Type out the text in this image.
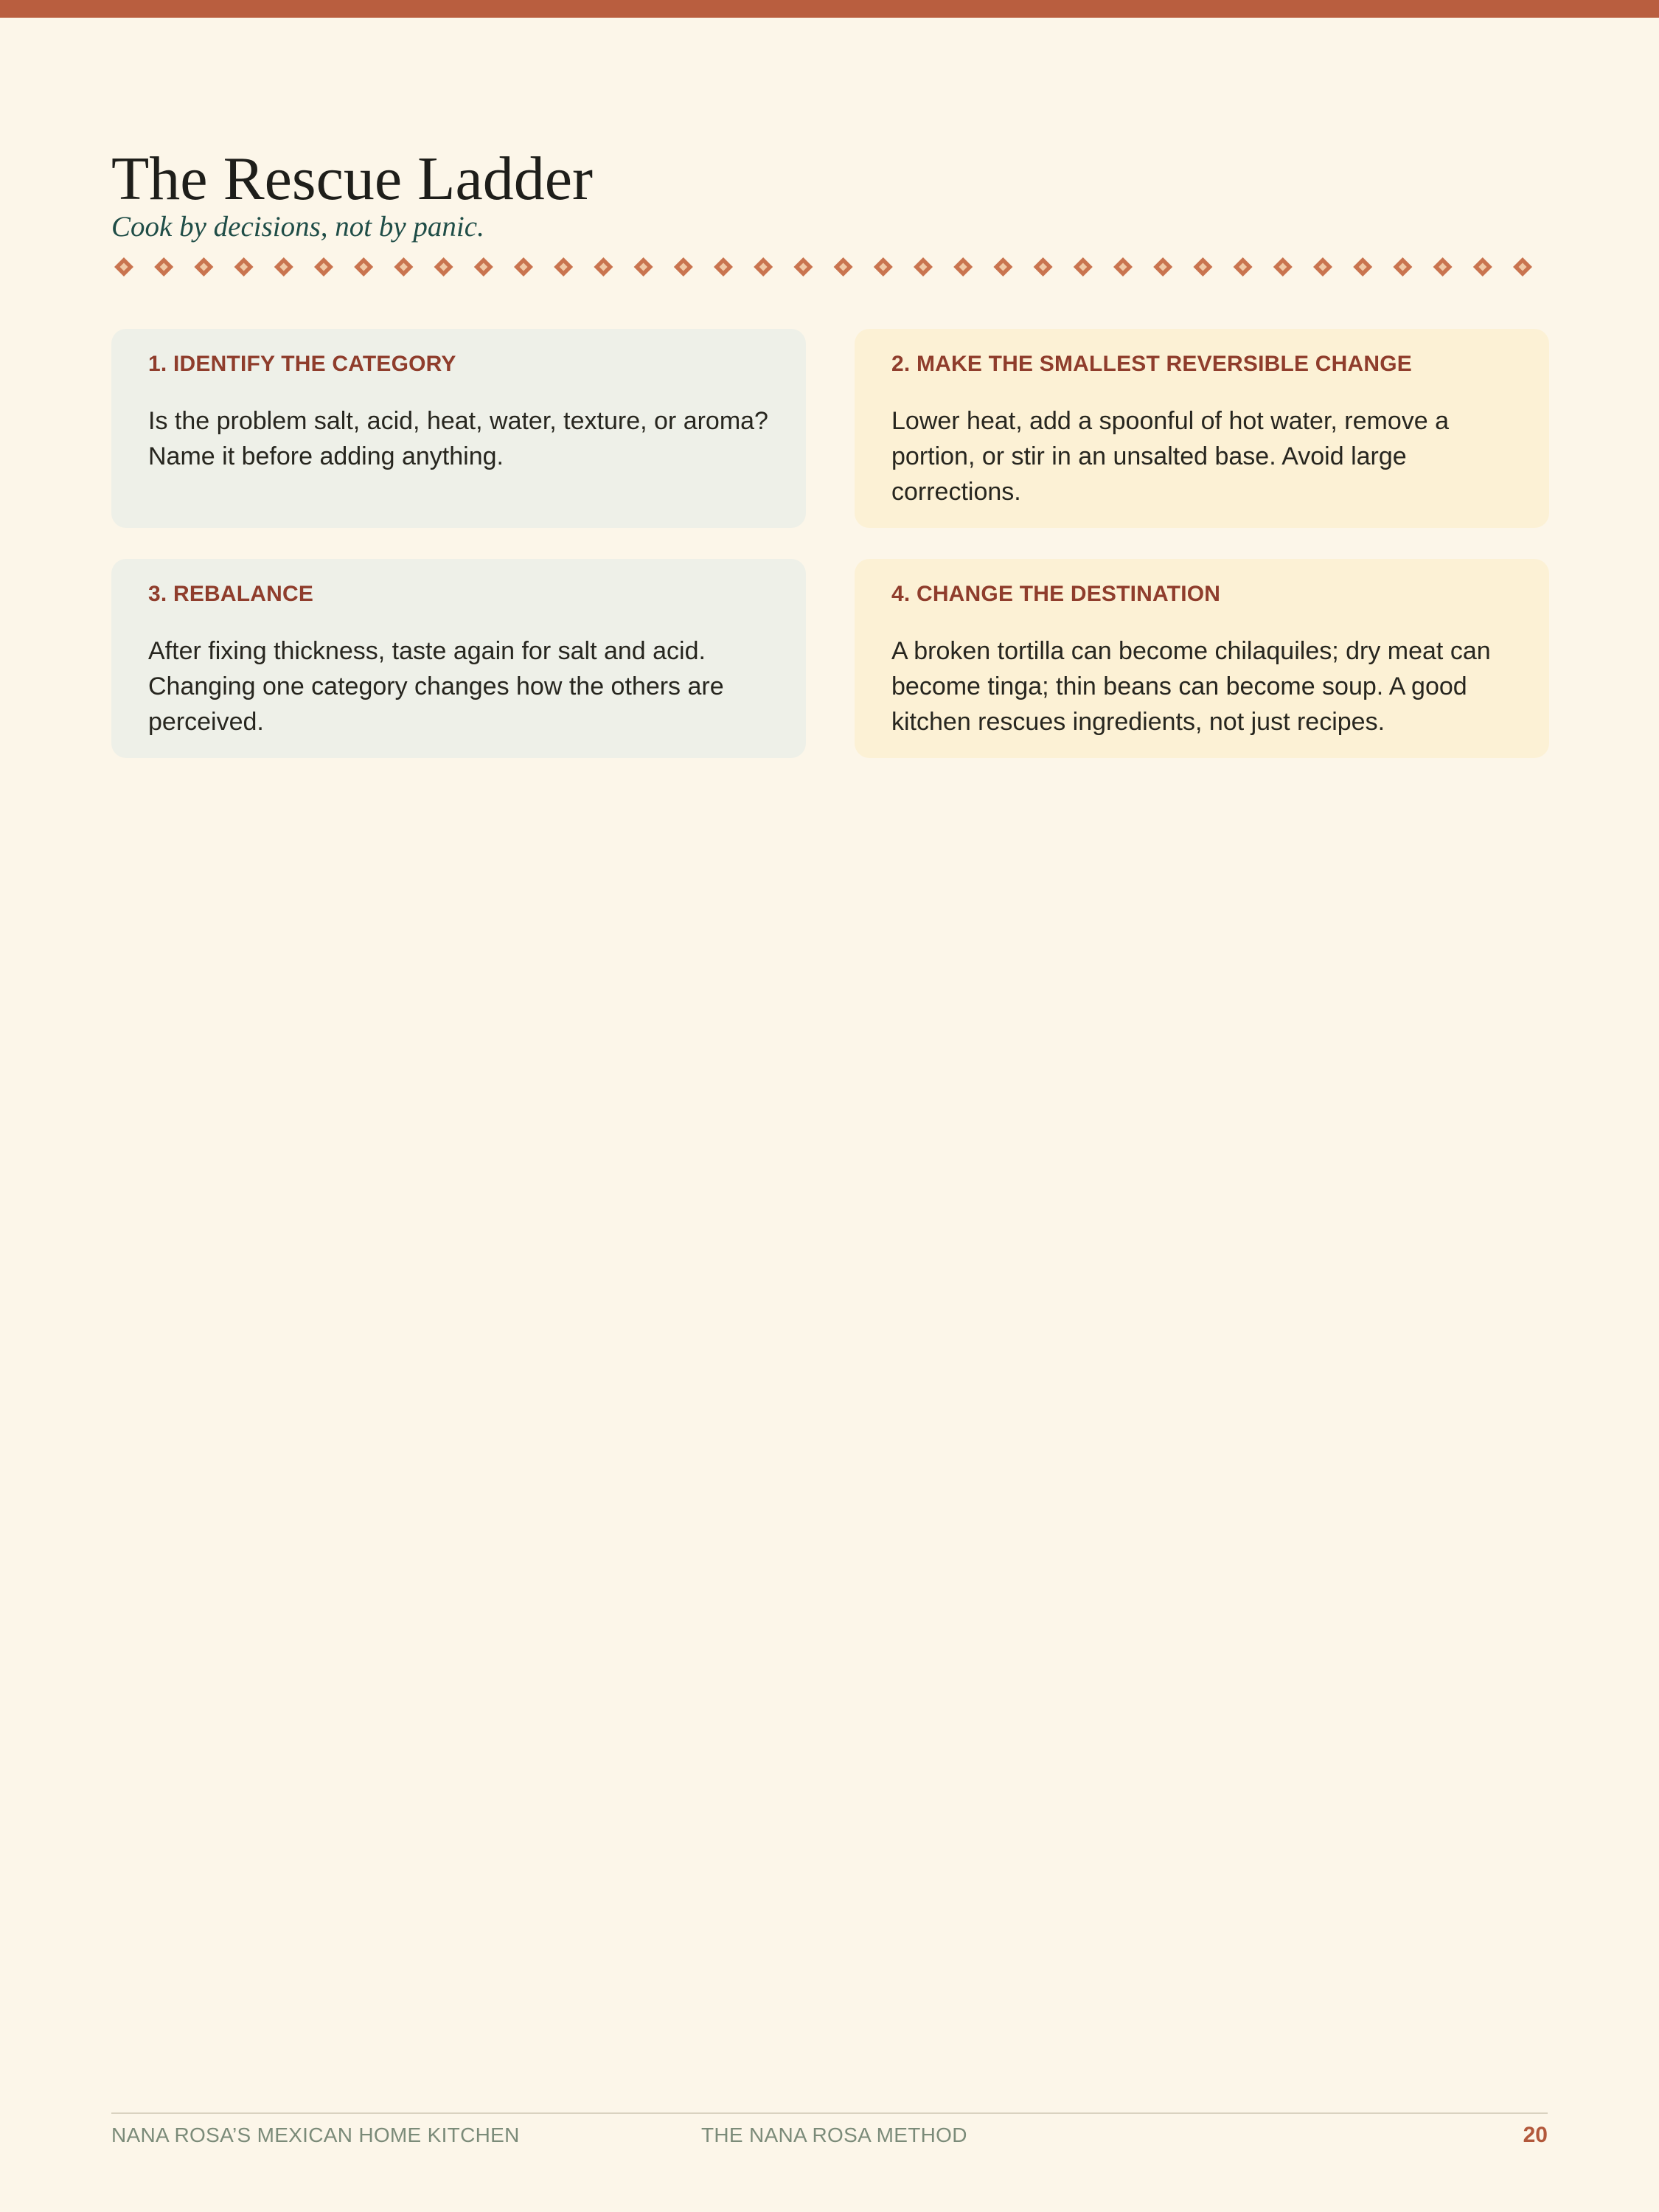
The Rescue Ladder

Cook by decisions, not by panic.

1. IDENTIFY THE CATEGORY

Is the problem salt, acid, heat, water, texture, or aroma? Name it before adding anything.

2. MAKE THE SMALLEST REVERSIBLE CHANGE

Lower heat, add a spoonful of hot water, remove a portion, or stir in an unsalted base. Avoid large corrections.

3. REBALANCE

After fixing thickness, taste again for salt and acid. Changing one category changes how the others are perceived.

4. CHANGE THE DESTINATION

A broken tortilla can become chilaquiles; dry meat can become tinga; thin beans can become soup. A good kitchen rescues ingredients, not just recipes.

NANA ROSA’S MEXICAN HOME KITCHEN	THE NANA ROSA METHOD	20
